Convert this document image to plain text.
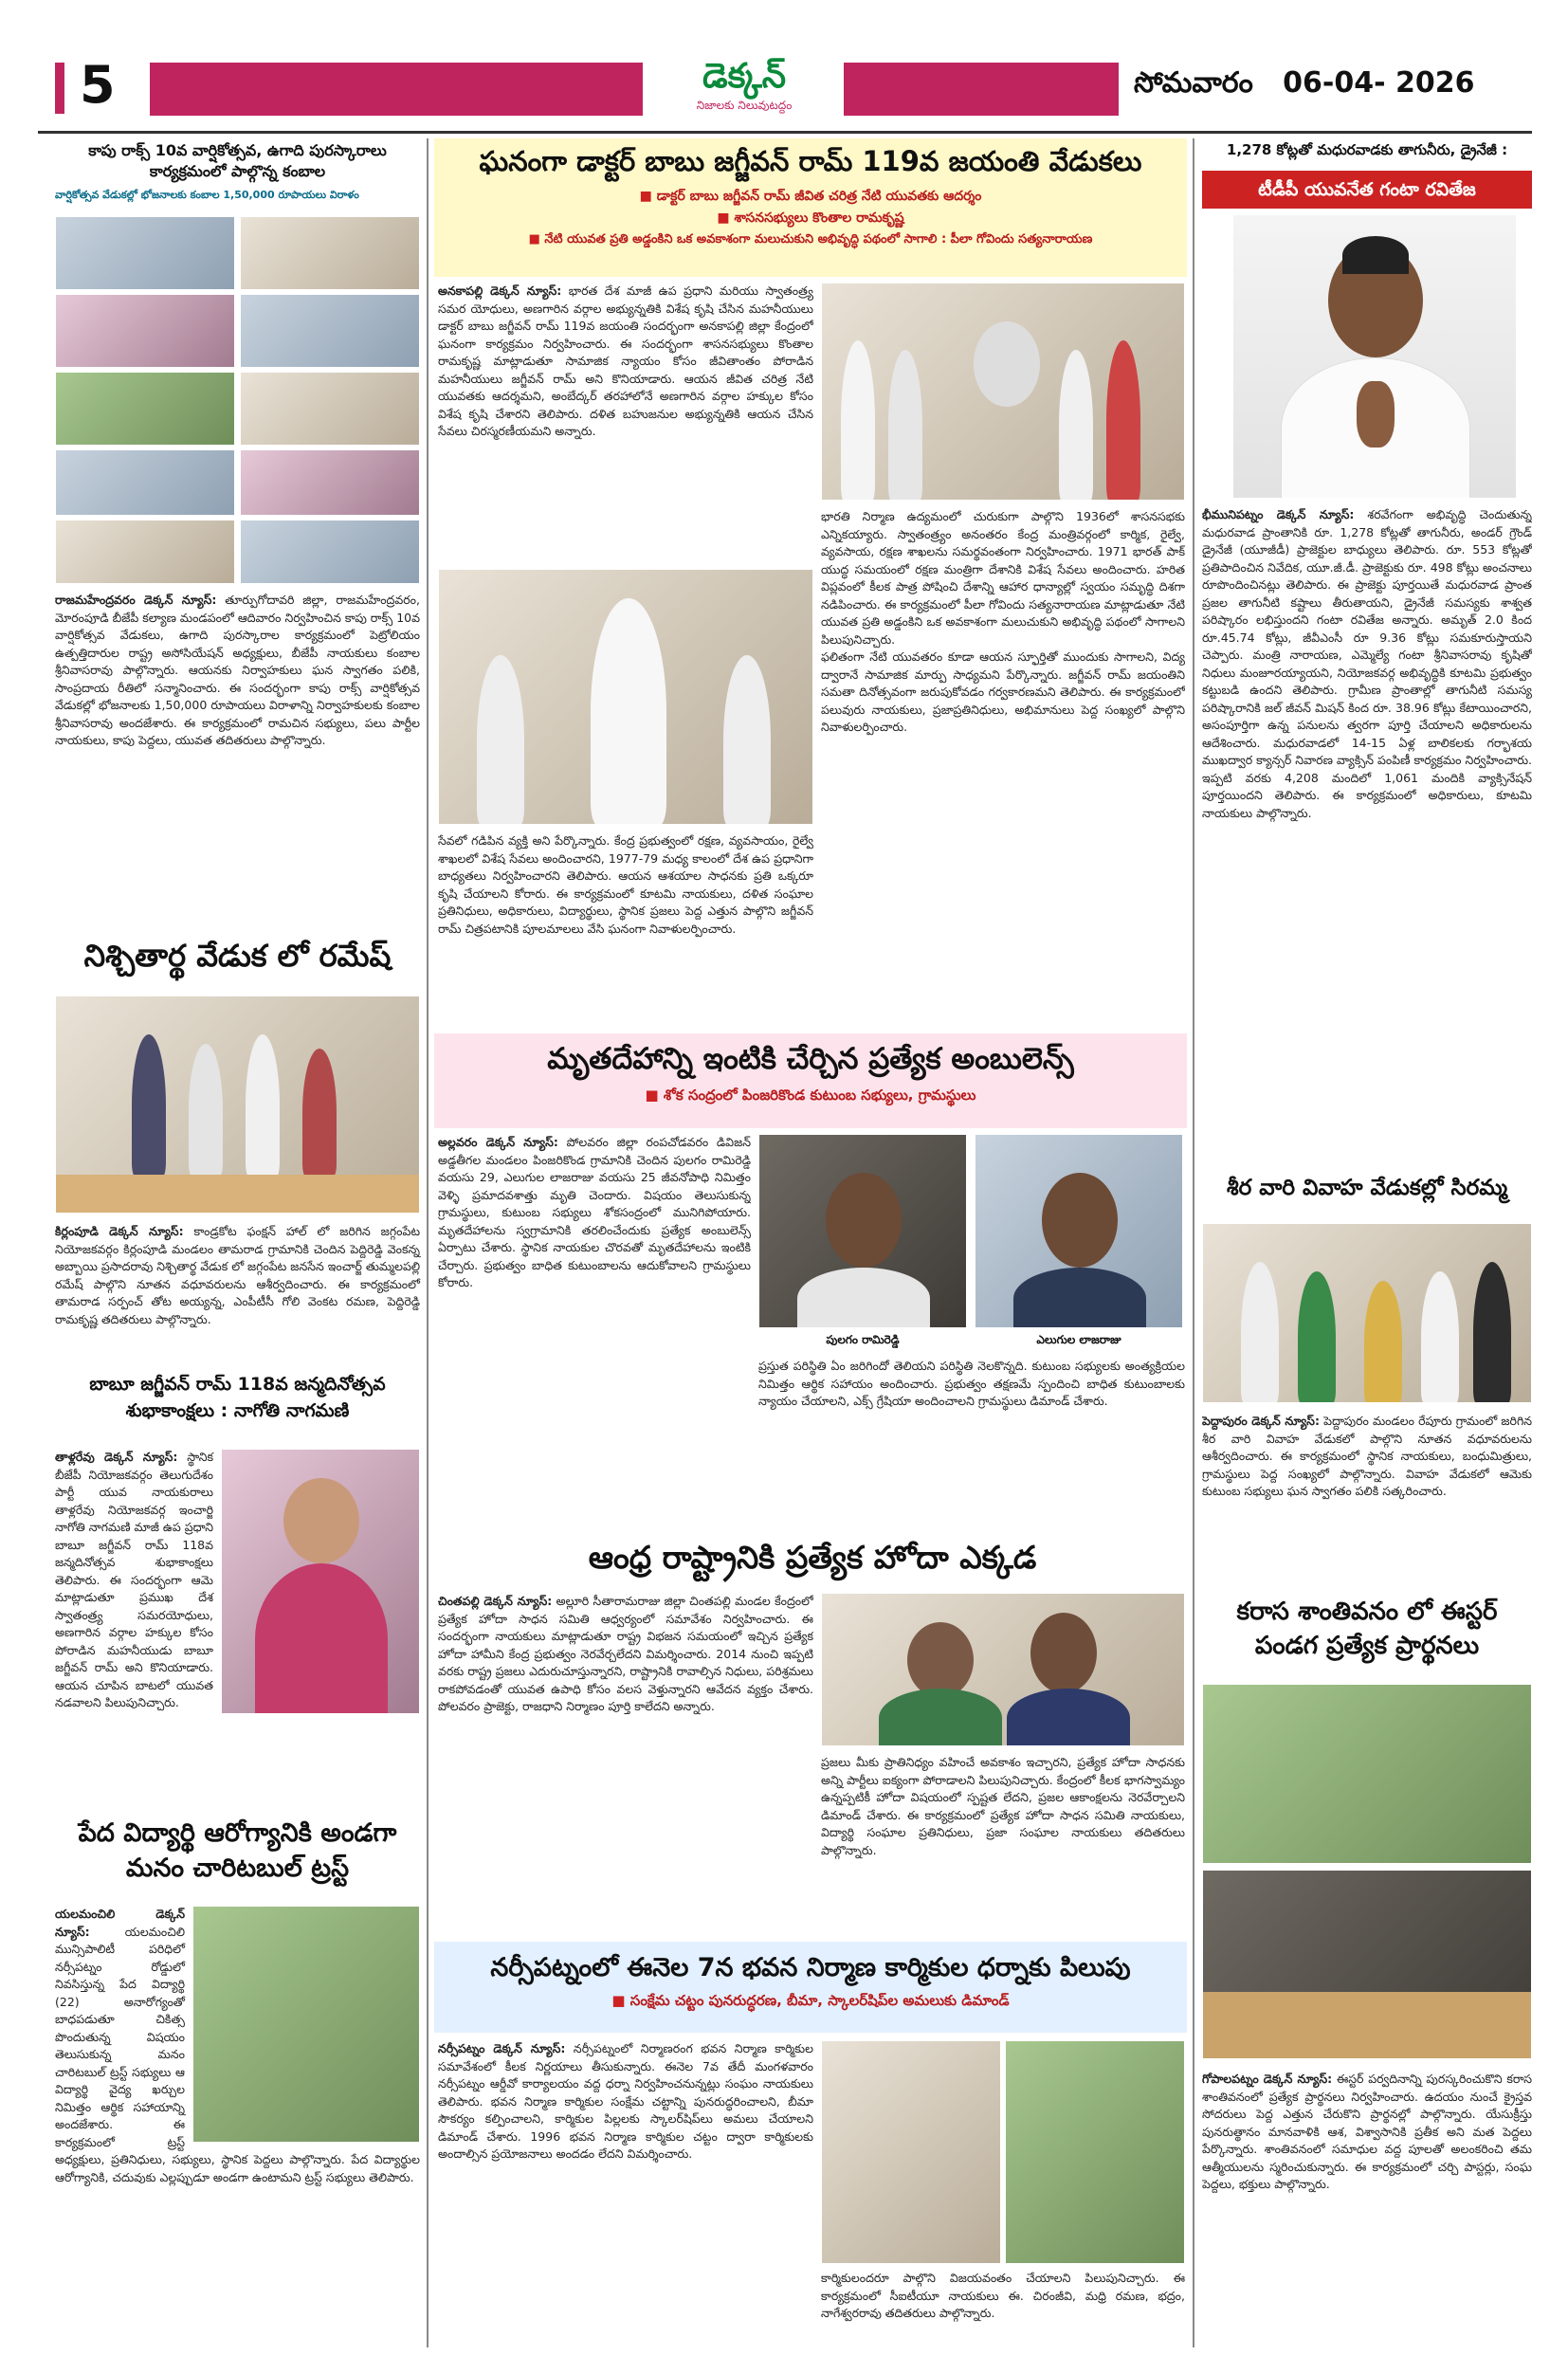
5	డెక్కన్
నిజాలకు నిలువుటద్దం
సోమవారం 06-04- 2026
కాపు రాక్స్ 10వ వార్షికోత్సవ, ఉగాది పురస్కారాలు
కార్యక్రమంలో పాల్గొన్న కంబాల
వార్షికోత్సవ వేడుకల్లో భోజనాలకు కంబాల 1,50,000 రూపాయలు విరాళం
రాజమహేంద్రవరం డెక్కన్ న్యూస్: తూర్పుగోదావరి జిల్లా, రాజమహేంద్రవరం, మోరంపూడి బీజేపీ కల్యాణ మండపంలో ఆదివారం నిర్వహించిన కాపు రాక్స్ 10వ వార్షికోత్సవ వేడుకలు, ఉగాది పురస్కారాల కార్యక్రమంలో పెట్రోలియం ఉత్పత్తిదారుల రాష్ట్ర అసోసియేషన్ అధ్యక్షులు, బీజేపీ నాయకులు కంబాల శ్రీనివాసరావు పాల్గొన్నారు. ఆయనకు నిర్వాహకులు ఘన స్వాగతం పలికి, సాంప్రదాయ రీతిలో సన్మానించారు. ఈ సందర్భంగా కాపు రాక్స్ వార్షికోత్సవ వేడుకల్లో భోజనాలకు 1,50,000 రూపాయలు విరాళాన్ని నిర్వాహకులకు కంబాల శ్రీనివాసరావు అందజేశారు. ఈ కార్యక్రమంలో రామచిన సభ్యులు, పలు పార్టీల నాయకులు, కాపు పెద్దలు, యువత తదితరులు పాల్గొన్నారు.
నిశ్చితార్థ వేడుక లో రమేష్
కిర్లంపూడి డెక్కన్ న్యూస్: కాండ్రకోట ఫంక్షన్ హాల్ లో జరిగిన జగ్గంపేట నియోజకవర్గం కిర్లంపూడి మండలం తామరాడ గ్రామానికి చెందిన పెద్దిరెడ్డి వెంకన్న అబ్బాయి ప్రసాదరావు నిశ్చితార్థ వేడుక లో జగ్గంపేట జనసేన ఇంచార్జ్ తుమ్మలపల్లి రమేష్ పాల్గొని నూతన వధూవరులను ఆశీర్వదించారు. ఈ కార్యక్రమంలో తామరాడ సర్పంచ్ తోట అయ్యన్న, ఎంపీటీసీ గోలి వెంకట రమణ, పెద్దిరెడ్డి రామకృష్ణ తదితరులు పాల్గొన్నారు.
బాబూ జగ్జీవన్ రామ్ 118వ జన్మదినోత్సవ
శుభాకాంక్షలు : నాగోతి నాగమణి
తాళ్లరేవు డెక్కన్ న్యూస్: స్థానిక బీజేపీ నియోజకవర్గం తెలుగుదేశం పార్టీ యువ నాయకురాలు తాళ్లరేవు నియోజకవర్గ ఇంచార్జి నాగోతి నాగమణి మాజీ ఉప ప్రధాని బాబూ జగ్జీవన్ రామ్ 118వ జన్మదినోత్సవ శుభాకాంక్షలు తెలిపారు. ఈ సందర్భంగా ఆమె మాట్లాడుతూ ప్రముఖ దేశ స్వాతంత్ర్య సమరయోధులు, అణగారిన వర్గాల హక్కుల కోసం పోరాడిన మహనీయుడు బాబూ జగ్జీవన్ రామ్ అని కొనియాడారు. ఆయన చూపిన బాటలో యువత నడవాలని పిలుపునిచ్చారు.
పేద విద్యార్థి ఆరోగ్యానికి అండగా
మనం చారిటబుల్ ట్రస్ట్
యలమంచిలి డెక్కన్ న్యూస్:	యలమంచిలి మున్సిపాలిటీ పరిధిలో నర్సీపట్నం రోడ్డులో నివసిస్తున్న పేద విద్యార్థి (22) అనారోగ్యంతో బాధపడుతూ చికిత్స పొందుతున్న విషయం తెలుసుకున్న మనం చారిటబుల్ ట్రస్ట్ సభ్యులు ఆ విద్యార్థి వైద్య ఖర్చుల నిమిత్తం ఆర్థిక సహాయాన్ని అందజేశారు. ఈ కార్యక్రమంలో ట్రస్ట్ అధ్యక్షులు, ప్రతినిధులు, సభ్యులు, స్థానిక పెద్దలు పాల్గొన్నారు. పేద విద్యార్థుల ఆరోగ్యానికి, చదువుకు ఎల్లప్పుడూ అండగా ఉంటామని ట్రస్ట్ సభ్యులు తెలిపారు.
ఘనంగా డాక్టర్ బాబు జగ్జీవన్ రామ్ 119వ జయంతి వేడుకలు
■ డాక్టర్ బాబు జగ్జీవన్ రామ్ జీవిత చరిత్ర నేటి యువతకు ఆదర్శం
■ శాసనసభ్యులు కొంతాల రామకృష్ణ
■ నేటి యువత ప్రతి అడ్డంకిని ఒక అవకాశంగా మలుచుకుని అభివృద్ధి పథంలో సాగాలి : పీలా గోవిందు సత్యనారాయణ
అనకాపల్లి డెక్కన్ న్యూస్: భారత దేశ మాజీ ఉప ప్రధాని మరియు స్వాతంత్ర్య సమర యోధులు, అణగారిన వర్గాల అభ్యున్నతికి విశేష కృషి చేసిన మహనీయులు డాక్టర్ బాబు జగ్జీవన్ రామ్ 119వ జయంతి సందర్భంగా అనకాపల్లి జిల్లా కేంద్రంలో ఘనంగా కార్యక్రమం నిర్వహించారు. ఈ సందర్భంగా శాసనసభ్యులు కొంతాల రామకృష్ణ మాట్లాడుతూ సామాజిక న్యాయం కోసం జీవితాంతం పోరాడిన మహనీయులు జగ్జీవన్ రామ్ అని కొనియాడారు. ఆయన జీవిత చరిత్ర నేటి యువతకు ఆదర్శమని, అంబేద్కర్ తరహాలోనే అణగారిన వర్గాల హక్కుల కోసం విశేష కృషి చేశారని తెలిపారు. దళిత బహుజనుల అభ్యున్నతికి ఆయన చేసిన సేవలు చిరస్మరణీయమని అన్నారు.
భారతి నిర్మాణ ఉద్యమంలో చురుకుగా పాల్గొని 1936లో శాసనసభకు ఎన్నికయ్యారు. స్వాతంత్ర్యం అనంతరం కేంద్ర మంత్రివర్గంలో కార్మిక, రైల్వే, వ్యవసాయ, రక్షణ శాఖలను సమర్థవంతంగా నిర్వహించారు. 1971 భారత్ పాక్ యుద్ధ సమయంలో రక్షణ మంత్రిగా దేశానికి విశేష సేవలు అందించారు. హరిత విప్లవంలో కీలక పాత్ర పోషించి దేశాన్ని ఆహార ధాన్యాల్లో స్వయం సమృద్ధి దిశగా నడిపించారు. ఈ కార్యక్రమంలో పీలా గోవిందు సత్యనారాయణ మాట్లాడుతూ నేటి యువత ప్రతి అడ్డంకిని ఒక అవకాశంగా మలుచుకుని అభివృద్ధి పథంలో సాగాలని పిలుపునిచ్చారు.
ఫలితంగా నేటి యువతరం కూడా ఆయన స్ఫూర్తితో ముందుకు సాగాలని, విద్య ద్వారానే సామాజిక మార్పు సాధ్యమని పేర్కొన్నారు. జగ్జీవన్ రామ్ జయంతిని సమతా దినోత్సవంగా జరుపుకోవడం గర్వకారణమని తెలిపారు. ఈ కార్యక్రమంలో పలువురు నాయకులు, ప్రజాప్రతినిధులు, అభిమానులు పెద్ద సంఖ్యలో పాల్గొని నివాళులర్పించారు.
సేవలో గడిపిన వ్యక్తి అని పేర్కొన్నారు. కేంద్ర ప్రభుత్వంలో రక్షణ, వ్యవసాయం, రైల్వే శాఖలలో విశేష సేవలు అందించారని, 1977-79 మధ్య కాలంలో దేశ ఉప ప్రధానిగా బాధ్యతలు నిర్వహించారని తెలిపారు. ఆయన ఆశయాల సాధనకు ప్రతి ఒక్కరూ కృషి చేయాలని కోరారు. ఈ కార్యక్రమంలో కూటమి నాయకులు, దళిత సంఘాల ప్రతినిధులు, అధికారులు, విద్యార్థులు, స్థానిక ప్రజలు పెద్ద ఎత్తున పాల్గొని జగ్జీవన్ రామ్ చిత్రపటానికి పూలమాలలు వేసి ఘనంగా నివాళులర్పించారు.
మృతదేహాన్ని ఇంటికి చేర్చిన ప్రత్యేక అంబులెన్స్
■ శోక సంద్రంలో పింజరికొండ కుటుంబ సభ్యులు, గ్రామస్థులు
అల్లవరం డెక్కన్ న్యూస్: పోలవరం జిల్లా రంపచోడవరం డివిజన్ అడ్డతీగల మండలం పింజరికొండ గ్రామానికి చెందిన పులగం రామిరెడ్డి వయసు 29, ఎలుగుల లాజరాజు వయసు 25 జీవనోపాధి నిమిత్తం వెళ్ళి ప్రమాదవశాత్తు మృతి చెందారు. విషయం తెలుసుకున్న గ్రామస్థులు, కుటుంబ సభ్యులు శోకసంద్రంలో మునిగిపోయారు. మృతదేహాలను స్వగ్రామానికి తరలించేందుకు ప్రత్యేక అంబులెన్స్ ఏర్పాటు చేశారు. స్థానిక నాయకుల చొరవతో మృతదేహాలను ఇంటికి చేర్చారు. ప్రభుత్వం బాధిత కుటుంబాలను ఆదుకోవాలని గ్రామస్థులు కోరారు.
పులగం రామిరెడ్డి	ఎలుగుల లాజరాజు
ప్రస్తుత పరిస్థితి ఏం జరిగిందో తెలియని పరిస్థితి నెలకొన్నది. కుటుంబ సభ్యులకు అంత్యక్రియల నిమిత్తం ఆర్థిక సహాయం అందించారు. ప్రభుత్వం తక్షణమే స్పందించి బాధిత కుటుంబాలకు న్యాయం చేయాలని, ఎక్స్ గ్రేషియా అందించాలని గ్రామస్థులు డిమాండ్ చేశారు.
ఆంధ్ర రాష్ట్రానికి ప్రత్యేక హోదా ఎక్కడ
చింతపల్లి డెక్కన్ న్యూస్: అల్లూరి సీతారామరాజు జిల్లా చింతపల్లి మండల కేంద్రంలో ప్రత్యేక హోదా సాధన సమితి ఆధ్వర్యంలో సమావేశం నిర్వహించారు. ఈ సందర్భంగా నాయకులు మాట్లాడుతూ రాష్ట్ర విభజన సమయంలో ఇచ్చిన ప్రత్యేక హోదా హామీని కేంద్ర ప్రభుత్వం నెరవేర్చలేదని విమర్శించారు. 2014 నుంచి ఇప్పటి వరకు రాష్ట్ర ప్రజలు ఎదురుచూస్తున్నారని, రాష్ట్రానికి రావాల్సిన నిధులు, పరిశ్రమలు రాకపోవడంతో యువత ఉపాధి కోసం వలస వెళ్తున్నారని ఆవేదన వ్యక్తం చేశారు. పోలవరం ప్రాజెక్టు, రాజధాని నిర్మాణం పూర్తి కాలేదని అన్నారు.
ప్రజలు మీకు ప్రాతినిధ్యం వహించే అవకాశం ఇచ్చారని, ప్రత్యేక హోదా సాధనకు అన్ని పార్టీలు ఐక్యంగా పోరాడాలని పిలుపునిచ్చారు. కేంద్రంలో కీలక భాగస్వామ్యం ఉన్నప్పటికీ హోదా విషయంలో స్పష్టత లేదని, ప్రజల ఆకాంక్షలను నెరవేర్చాలని డిమాండ్ చేశారు. ఈ కార్యక్రమంలో ప్రత్యేక హోదా సాధన సమితి నాయకులు, విద్యార్థి సంఘాల ప్రతినిధులు, ప్రజా సంఘాల నాయకులు తదితరులు పాల్గొన్నారు.
నర్సీపట్నంలో ఈనెల 7న భవన నిర్మాణ కార్మికుల ధర్నాకు పిలుపు
■ సంక్షేమ చట్టం పునరుద్ధరణ, బీమా, స్కాలర్‌షిప్‌ల అమలుకు డిమాండ్
నర్సీపట్నం డెక్కన్ న్యూస్: నర్సీపట్నంలో నిర్మాణరంగ భవన నిర్మాణ కార్మికుల సమావేశంలో కీలక నిర్ణయాలు తీసుకున్నారు. ఈనెల 7వ తేదీ మంగళవారం నర్సీపట్నం ఆర్డీవో కార్యాలయం వద్ద ధర్నా నిర్వహించనున్నట్లు సంఘం నాయకులు తెలిపారు. భవన నిర్మాణ కార్మికుల సంక్షేమ చట్టాన్ని పునరుద్ధరించాలని, బీమా సౌకర్యం కల్పించాలని, కార్మికుల పిల్లలకు స్కాలర్‌షిప్‌లు అమలు చేయాలని డిమాండ్ చేశారు. 1996 భవన నిర్మాణ కార్మికుల చట్టం ద్వారా కార్మికులకు అందాల్సిన ప్రయోజనాలు అందడం లేదని విమర్శించారు.
కార్మికులందరూ పాల్గొని విజయవంతం చేయాలని పిలుపునిచ్చారు. ఈ కార్యక్రమంలో సీఐటీయూ నాయకులు ఈ. చిరంజీవి, మధ్రి రమణ, భద్రం, నాగేశ్వరరావు తదితరులు పాల్గొన్నారు.
1,278 కోట్లతో మధురవాడకు తాగునీరు, డ్రైనేజీ :
టీడీపీ యువనేత గంటా రవితేజ
భీమునిపట్నం డెక్కన్ న్యూస్: శరవేగంగా అభివృద్ధి చెందుతున్న మధురవాడ ప్రాంతానికి రూ. 1,278 కోట్లతో తాగునీరు, అండర్ గ్రౌండ్ డ్రైనేజీ (యూజీడీ) ప్రాజెక్టుల బాధ్యులు తెలిపారు. రూ. 553 కోట్లతో ప్రతిపాదించిన నివేదిక, యూ.జీ.డీ. ప్రాజెక్టుకు రూ. 498 కోట్లు అంచనాలు రూపొందించినట్లు తెలిపారు. ఈ ప్రాజెక్టు పూర్తయితే మధురవాడ ప్రాంత ప్రజల తాగునీటి కష్టాలు తీరుతాయని, డ్రైనేజీ సమస్యకు శాశ్వత పరిష్కారం లభిస్తుందని గంటా రవితేజ అన్నారు. అమృత్ 2.0 కింద రూ.45.74 కోట్లు, జీవీఎంసీ రూ 9.36 కోట్లు సమకూరుస్తాయని చెప్పారు. మంత్రి నారాయణ, ఎమ్మెల్యే గంటా శ్రీనివాసరావు కృషితో నిధులు మంజూరయ్యాయని, నియోజకవర్గ అభివృద్ధికి కూటమి ప్రభుత్వం కట్టుబడి ఉందని తెలిపారు. గ్రామీణ ప్రాంతాల్లో తాగునీటి సమస్య పరిష్కారానికి జల్ జీవన్ మిషన్ కింద రూ. 38.96 కోట్లు కేటాయించారని, అసంపూర్తిగా ఉన్న పనులను త్వరగా పూర్తి చేయాలని అధికారులను ఆదేశించారు. మధురవాడలో 14-15 ఏళ్ల బాలికలకు గర్భాశయ ముఖద్వార క్యాన్సర్ నివారణ వ్యాక్సిన్ పంపిణీ కార్యక్రమం నిర్వహించారు. ఇప్పటి వరకు 4,208 మందిలో 1,061 మందికి వ్యాక్సినేషన్ పూర్తయిందని తెలిపారు. ఈ కార్యక్రమంలో అధికారులు, కూటమి నాయకులు పాల్గొన్నారు.
శీర వారి వివాహ వేడుకల్లో సిరమ్మ
పెద్దాపురం డెక్కన్ న్యూస్: పెద్దాపురం మండలం రేపూరు గ్రామంలో జరిగిన శీర వారి వివాహ వేడుకలో పాల్గొని నూతన వధూవరులను ఆశీర్వదించారు. ఈ కార్యక్రమంలో స్థానిక నాయకులు, బంధుమిత్రులు, గ్రామస్థులు పెద్ద సంఖ్యలో పాల్గొన్నారు. వివాహ వేడుకలో ఆమెకు కుటుంబ సభ్యులు ఘన స్వాగతం పలికి సత్కరించారు.
కరాస శాంతివనం లో ఈస్టర్
పండగ ప్రత్యేక ప్రార్థనలు
గోపాలపట్నం డెక్కన్ న్యూస్: ఈస్టర్ పర్వదినాన్ని పురస్కరించుకొని కరాస శాంతివనంలో ప్రత్యేక ప్రార్థనలు నిర్వహించారు. ఉదయం నుంచే క్రైస్తవ సోదరులు పెద్ద ఎత్తున చేరుకొని ప్రార్థనల్లో పాల్గొన్నారు. యేసుక్రీస్తు పునరుత్థానం మానవాళికి ఆశ, విశ్వాసానికి ప్రతీక అని మత పెద్దలు పేర్కొన్నారు. శాంతివనంలో సమాధుల వద్ద పూలతో అలంకరించి తమ ఆత్మీయులను స్మరించుకున్నారు. ఈ కార్యక్రమంలో చర్చి పాస్టర్లు, సంఘ పెద్దలు, భక్తులు పాల్గొన్నారు.
